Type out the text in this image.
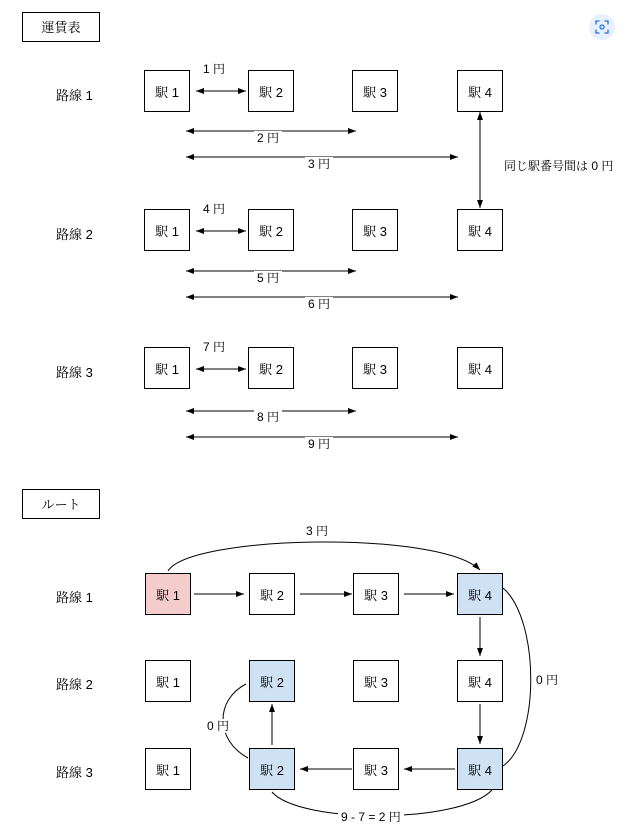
運賃表
路線 1
路線 2
路線 3
駅 1	駅 2	駅 3	駅 4
1 円
2 円
3 円
駅 1	駅 2	駅 3	駅 4
4 円
5 円
6 円
駅 1	駅 2	駅 3	駅 4
7 円
8 円
9 円
同じ駅番号間は 0 円
ルート
路線 1
路線 2
路線 3
駅 1	駅 2	駅 3	駅 4
駅 1	駅 2	駅 3	駅 4
駅 1	駅 2	駅 3	駅 4
3 円
0 円
0 円
9 - 7 = 2 円
